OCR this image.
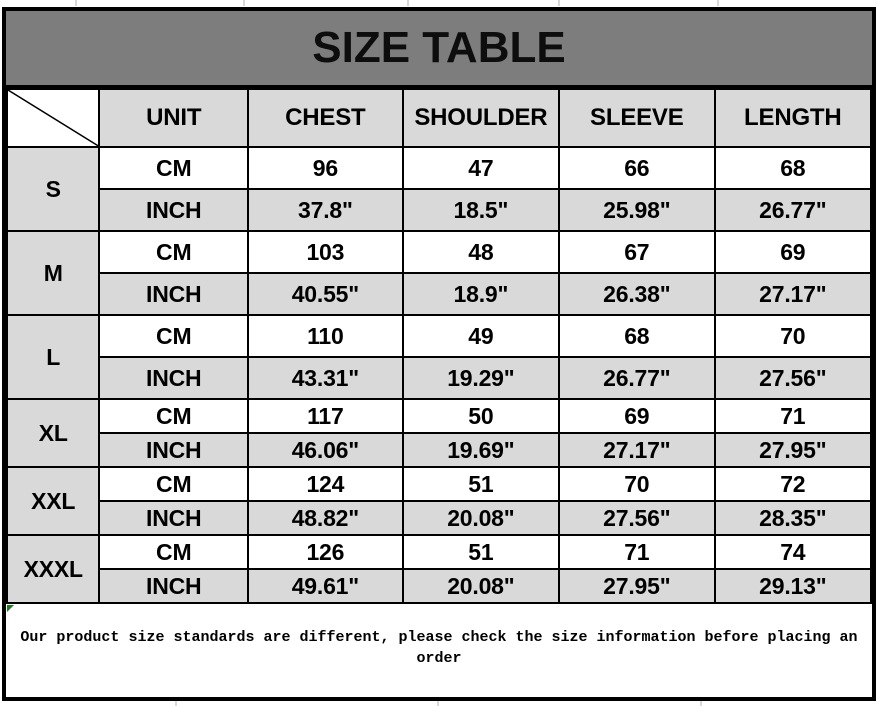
SIZE TABLE
	UNIT	CHEST	SHOULDER	SLEEVE	LENGTH
S	CM	96	47	66	68
	INCH	37.8"	18.5"	25.98"	26.77"
M	CM	103	48	67	69
	INCH	40.55"	18.9"	26.38"	27.17"
L	CM	110	49	68	70
	INCH	43.31"	19.29"	26.77"	27.56"
XL	CM	117	50	69	71
	INCH	46.06"	19.69"	27.17"	27.95"
XXL	CM	124	51	70	72
	INCH	48.82"	20.08"	27.56"	28.35"
XXXL	CM	126	51	71	74
	INCH	49.61"	20.08"	27.95"	29.13"
Our product size standards are different, please check the size information before placing an order
